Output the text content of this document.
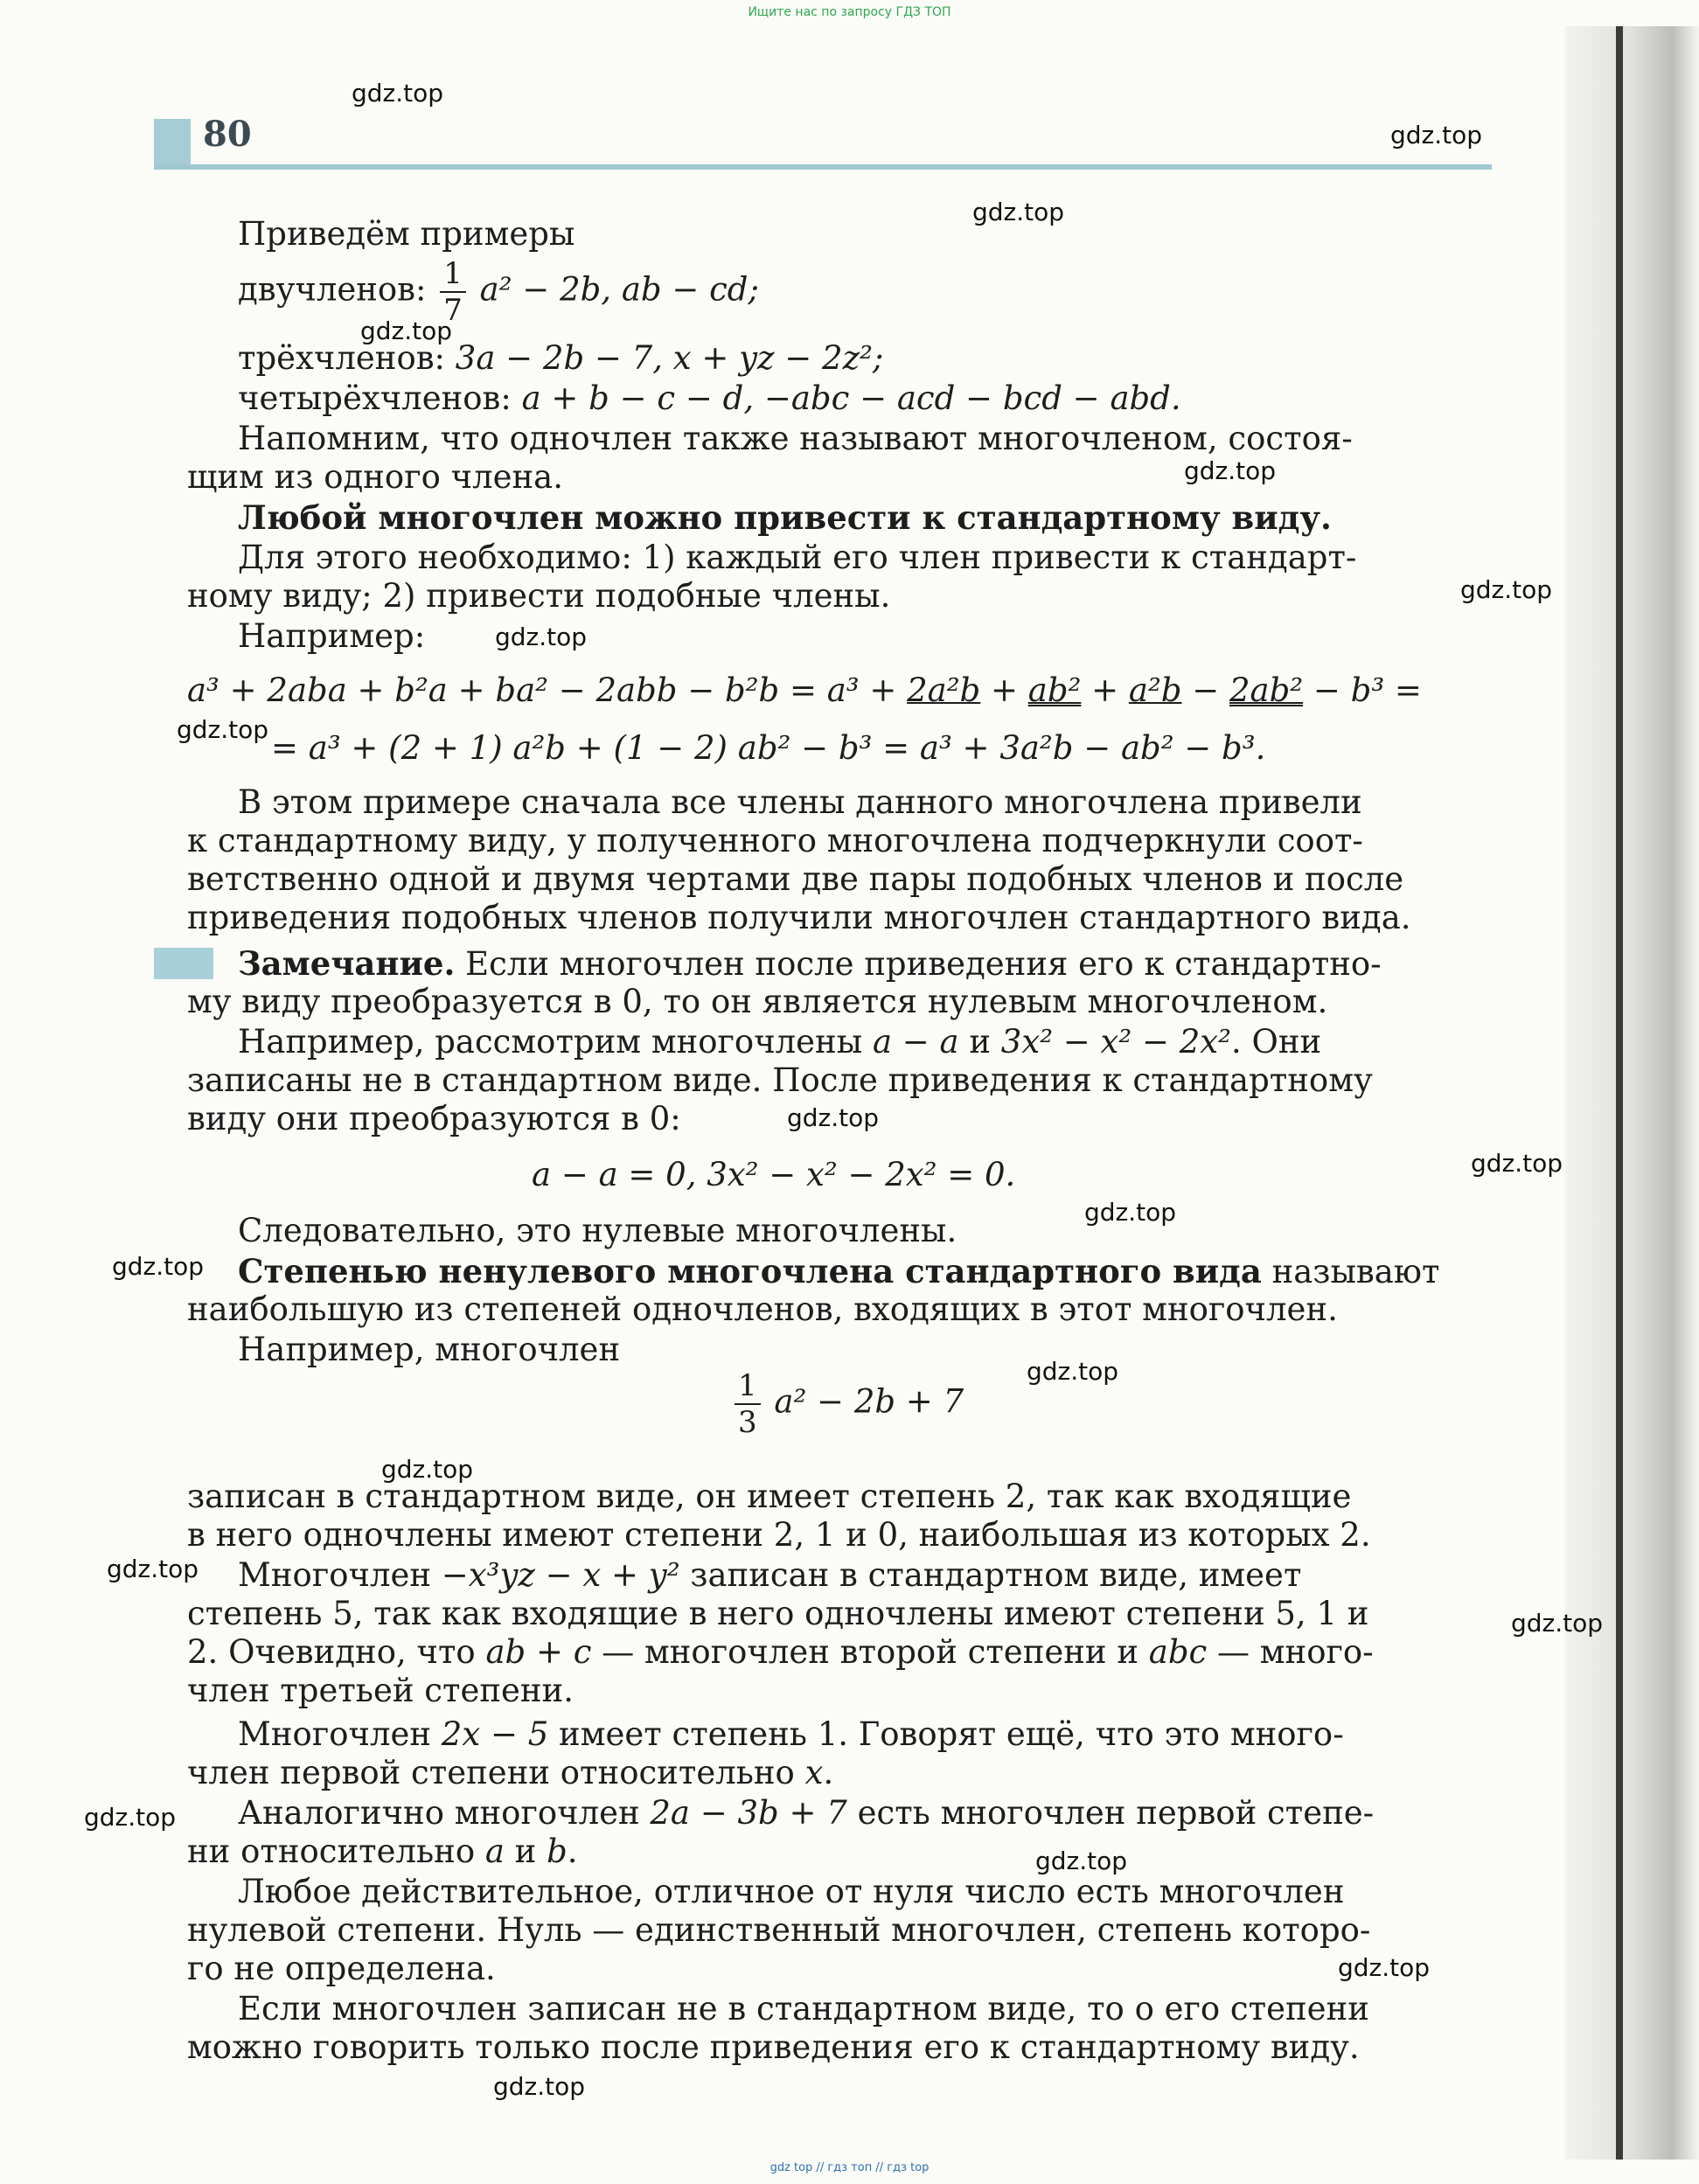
Ищите нас по запросу ГДЗ ТОП
80
Приведём примеры
двучленов: $\frac{1}{7} a^2 - 2b$, ab − cd;
трёхчленов: 3a − 2b − 7, x + yz − 2z²;
четырёхчленов: a + b − c − d, −abc − acd − bcd − abd.
Напомним, что одночлен также называют многочленом, состоя-
щим из одного члена.
Любой многочлен можно привести к стандартному виду.
Для этого необходимо: 1) каждый его член привести к стандарт-
ному виду; 2) привести подобные члены.
Например:
a³ + 2aba + b²a + ba² − 2abb − b²b = a³ + 2a²b + ab² + a²b − 2ab² − b³ =
= a³ + (2 + 1) a²b + (1 − 2) ab² − b³ = a³ + 3a²b − ab² − b³.
В этом примере сначала все члены данного многочлена привели
к стандартному виду, у полученного многочлена подчеркнули соот-
ветственно одной и двумя чертами две пары подобных членов и после
приведения подобных членов получили многочлен стандартного вида.
Замечание. Если многочлен после приведения его к стандартно-
му виду преобразуется в 0, то он является нулевым многочленом.
Например, рассмотрим многочлены a − a и 3x² − x² − 2x². Они
записаны не в стандартном виде. После приведения к стандартному
виду они преобразуются в 0:
a − a = 0, 3x² − x² − 2x² = 0.
Следовательно, это нулевые многочлены.
Степенью ненулевого многочлена стандартного вида называют
наибольшую из степеней одночленов, входящих в этот многочлен.
Например, многочлен
$\frac{1}{3} a^2 - 2b + 7$
записан в стандартном виде, он имеет степень 2, так как входящие
в него одночлены имеют степени 2, 1 и 0, наибольшая из которых 2.
Многочлен −x³yz − x + y² записан в стандартном виде, имеет
степень 5, так как входящие в него одночлены имеют степени 5, 1 и
2. Очевидно, что ab + c — многочлен второй степени и abc — много-
член третьей степени.
Многочлен 2x − 5 имеет степень 1. Говорят ещё, что это много-
член первой степени относительно x.
Аналогично многочлен 2a − 3b + 7 есть многочлен первой степе-
ни относительно a и b.
Любое действительное, отличное от нуля число есть многочлен
нулевой степени. Нуль — единственный многочлен, степень которо-
го не определена.
Если многочлен записан не в стандартном виде, то о его степени
можно говорить только после приведения его к стандартному виду.
gdz.top
gdz.top
gdz.top
gdz.top
gdz.top
gdz.top
gdz.top
gdz.top
gdz.top
gdz.top
gdz.top
gdz.top
gdz.top
gdz.top
gdz.top
gdz.top
gdz.top
gdz.top
gdz.top
gdz.top
gdz top // гдз топ // гдз top
